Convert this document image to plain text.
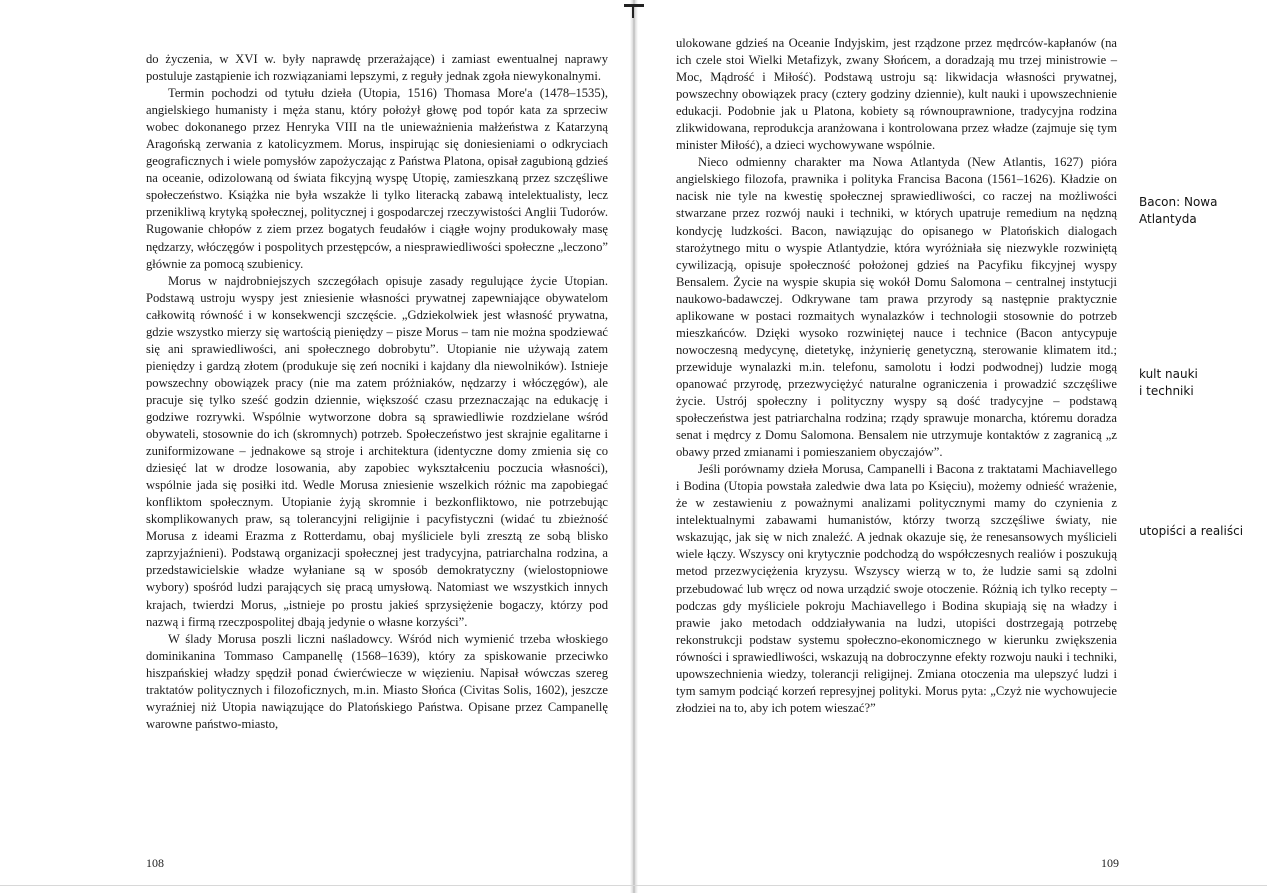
do życzenia, w XVI w. były naprawdę przerażające) i zamiast ewentualnej naprawy postuluje zastąpienie ich rozwiązaniami lepszymi, z reguły jednak zgoła niewykonalnymi.

Termin pochodzi od tytułu dzieła (Utopia, 1516) Thomasa More'a (1478–1535), angielskiego humanisty i męża stanu, który położył głowę pod topór kata za sprzeciw wobec dokonanego przez Henryka VIII na tle unieważnienia małżeństwa z Katarzyną Aragońską zerwania z katolicyzmem. Morus, inspirując się doniesieniami o odkryciach geograficznych i wiele pomysłów zapożyczając z Państwa Platona, opisał zagubioną gdzieś na oceanie, odizolowaną od świata fikcyjną wyspę Utopię, zamieszkaną przez szczęśliwe społeczeństwo. Książka nie była wszakże li tylko literacką zabawą intelektualisty, lecz przenikliwą krytyką społecznej, politycznej i gospodarczej rzeczywistości Anglii Tudorów. Rugowanie chłopów z ziem przez bogatych feudałów i ciągłe wojny produkowały masę nędzarzy, włóczęgów i pospolitych przestępców, a niesprawiedliwości społeczne „leczono” głównie za pomocą szubienicy.

Morus w najdrobniejszych szczegółach opisuje zasady regulujące życie Utopian. Podstawą ustroju wyspy jest zniesienie własności prywatnej zapewniające obywatelom całkowitą równość i w konsekwencji szczęście. „Gdziekolwiek jest własność prywatna, gdzie wszystko mierzy się wartością pieniędzy – pisze Morus – tam nie można spodziewać się ani sprawiedliwości, ani społecznego dobrobytu”. Utopianie nie używają zatem pieniędzy i gardzą złotem (produkuje się zeń nocniki i kajdany dla niewolników). Istnieje powszechny obowiązek pracy (nie ma zatem próżniaków, nędzarzy i włóczęgów), ale pracuje się tylko sześć godzin dziennie, większość czasu przeznaczając na edukację i godziwe rozrywki. Wspólnie wytworzone dobra są sprawiedliwie rozdzielane wśród obywateli, stosownie do ich (skromnych) potrzeb. Społeczeństwo jest skrajnie egalitarne i zuniformizowane – jednakowe są stroje i architektura (identyczne domy zmienia się co dziesięć lat w drodze losowania, aby zapobiec wykształceniu poczucia własności), wspólnie jada się posiłki itd. Wedle Morusa zniesienie wszelkich różnic ma zapobiegać konfliktom społecznym. Utopianie żyją skromnie i bezkonfliktowo, nie potrzebując skomplikowanych praw, są tolerancyjni religijnie i pacyfistyczni (widać tu zbieżność Morusa z ideami Erazma z Rotterdamu, obaj myśliciele byli zresztą ze sobą blisko zaprzyjaźnieni). Podstawą organizacji społecznej jest tradycyjna, patriarchalna rodzina, a przedstawicielskie władze wyłaniane są w sposób demokratyczny (wielostopniowe wybory) spośród ludzi parających się pracą umysłową. Natomiast we wszystkich innych krajach, twierdzi Morus, „istnieje po prostu jakieś sprzysiężenie bogaczy, którzy pod nazwą i firmą rzeczpospolitej dbają jedynie o własne korzyści”.

W ślady Morusa poszli liczni naśladowcy. Wśród nich wymienić trzeba włoskiego dominikanina Tommaso Campanellę (1568–1639), który za spiskowanie przeciwko hiszpańskiej władzy spędził ponad ćwierćwiecze w więzieniu. Napisał wówczas szereg traktatów politycznych i filozoficznych, m.in. Miasto Słońca (Civitas Solis, 1602), jeszcze wyraźniej niż Utopia nawiązujące do Platońskiego Państwa. Opisane przez Campanellę warowne państwo-miasto,

108

ulokowane gdzieś na Oceanie Indyjskim, jest rządzone przez mędrców-kapłanów (na ich czele stoi Wielki Metafizyk, zwany Słońcem, a doradzają mu trzej ministrowie – Moc, Mądrość i Miłość). Podstawą ustroju są: likwidacja własności prywatnej, powszechny obowiązek pracy (cztery godziny dziennie), kult nauki i upowszechnienie edukacji. Podobnie jak u Platona, kobiety są równouprawnione, tradycyjna rodzina zlikwidowana, reprodukcja aranżowana i kontrolowana przez władze (zajmuje się tym minister Miłość), a dzieci wychowywane wspólnie.

Nieco odmienny charakter ma Nowa Atlantyda (New Atlantis, 1627) pióra angielskiego filozofa, prawnika i polityka Francisa Bacona (1561–1626). Kładzie on nacisk nie tyle na kwestię społecznej sprawiedliwości, co raczej na możliwości stwarzane przez rozwój nauki i techniki, w których upatruje remedium na nędzną kondycję ludzkości. Bacon, nawiązując do opisanego w Platońskich dialogach starożytnego mitu o wyspie Atlantydzie, która wyróżniała się niezwykle rozwiniętą cywilizacją, opisuje społeczność położonej gdzieś na Pacyfiku fikcyjnej wyspy Bensalem. Życie na wyspie skupia się wokół Domu Salomona – centralnej instytucji naukowo-badawczej. Odkrywane tam prawa przyrody są następnie praktycznie aplikowane w postaci rozmaitych wynalazków i technologii stosownie do potrzeb mieszkańców. Dzięki wysoko rozwiniętej nauce i technice (Bacon antycypuje nowoczesną medycynę, dietetykę, inżynierię genetyczną, sterowanie klimatem itd.; przewiduje wynalazki m.in. telefonu, samolotu i łodzi podwodnej) ludzie mogą opanować przyrodę, przezwyciężyć naturalne ograniczenia i prowadzić szczęśliwe życie. Ustrój społeczny i polityczny wyspy są dość tradycyjne – podstawą społeczeństwa jest patriarchalna rodzina; rządy sprawuje monarcha, któremu doradza senat i mędrcy z Domu Salomona. Bensalem nie utrzymuje kontaktów z zagranicą „z obawy przed zmianami i pomieszaniem obyczajów”.

Jeśli porównamy dzieła Morusa, Campanelli i Bacona z traktatami Machiavellego i Bodina (Utopia powstała zaledwie dwa lata po Księciu), możemy odnieść wrażenie, że w zestawieniu z poważnymi analizami politycznymi mamy do czynienia z intelektualnymi zabawami humanistów, którzy tworzą szczęśliwe światy, nie wskazując, jak się w nich znaleźć. A jednak okazuje się, że renesansowych myślicieli wiele łączy. Wszyscy oni krytycznie podchodzą do współczesnych realiów i poszukują metod przezwyciężenia kryzysu. Wszyscy wierzą w to, że ludzie sami są zdolni przebudować lub wręcz od nowa urządzić swoje otoczenie. Różnią ich tylko recepty – podczas gdy myśliciele pokroju Machiavellego i Bodina skupiają się na władzy i prawie jako metodach oddziaływania na ludzi, utopiści dostrzegają potrzebę rekonstrukcji podstaw systemu społeczno-ekonomicznego w kierunku zwiększenia równości i sprawiedliwości, wskazują na dobroczynne efekty rozwoju nauki i techniki, upowszechnienia wiedzy, tolerancji religijnej. Zmiana otoczenia ma ulepszyć ludzi i tym samym podciąć korzeń represyjnej polityki. Morus pyta: „Czyż nie wychowujecie złodziei na to, aby ich potem wieszać?”

Bacon: Nowa
Atlantyda
kult nauki
i techniki
utopiści a realiści
109
